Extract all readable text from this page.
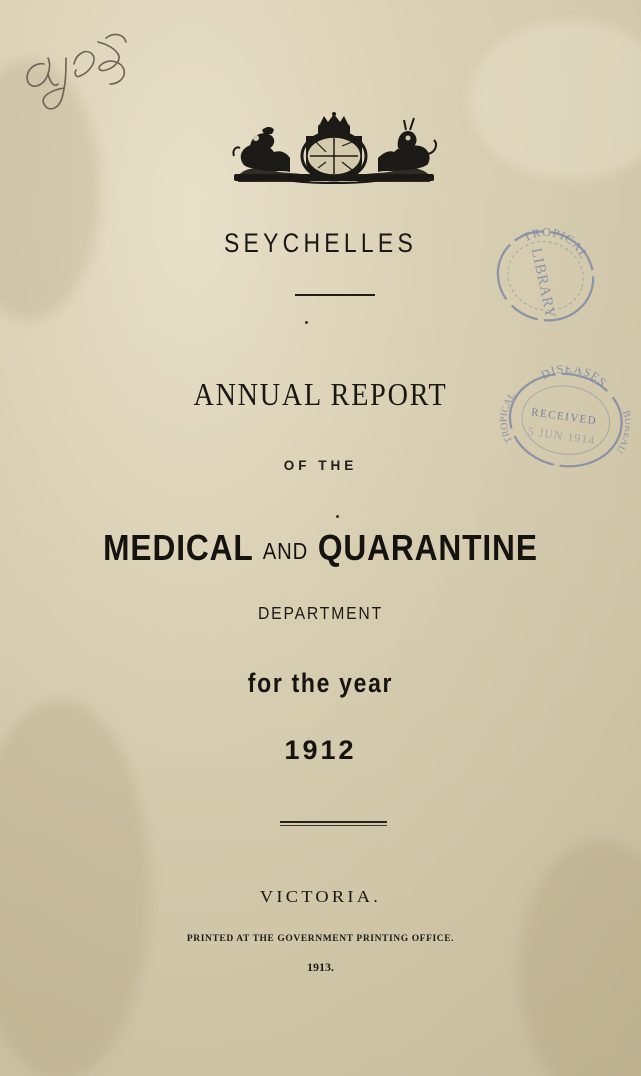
SEYCHELLES
ANNUAL REPORT
OF THE
MEDICAL AND QUARANTINE
DEPARTMENT
for the year
1912
VICTORIA.
PRINTED AT THE GOVERNMENT PRINTING OFFICE.
1913.
TROPICAL
LIBRARY
DISEASES
TROPICAL
BUREAU
RECEIVED
5 JUN 1914
